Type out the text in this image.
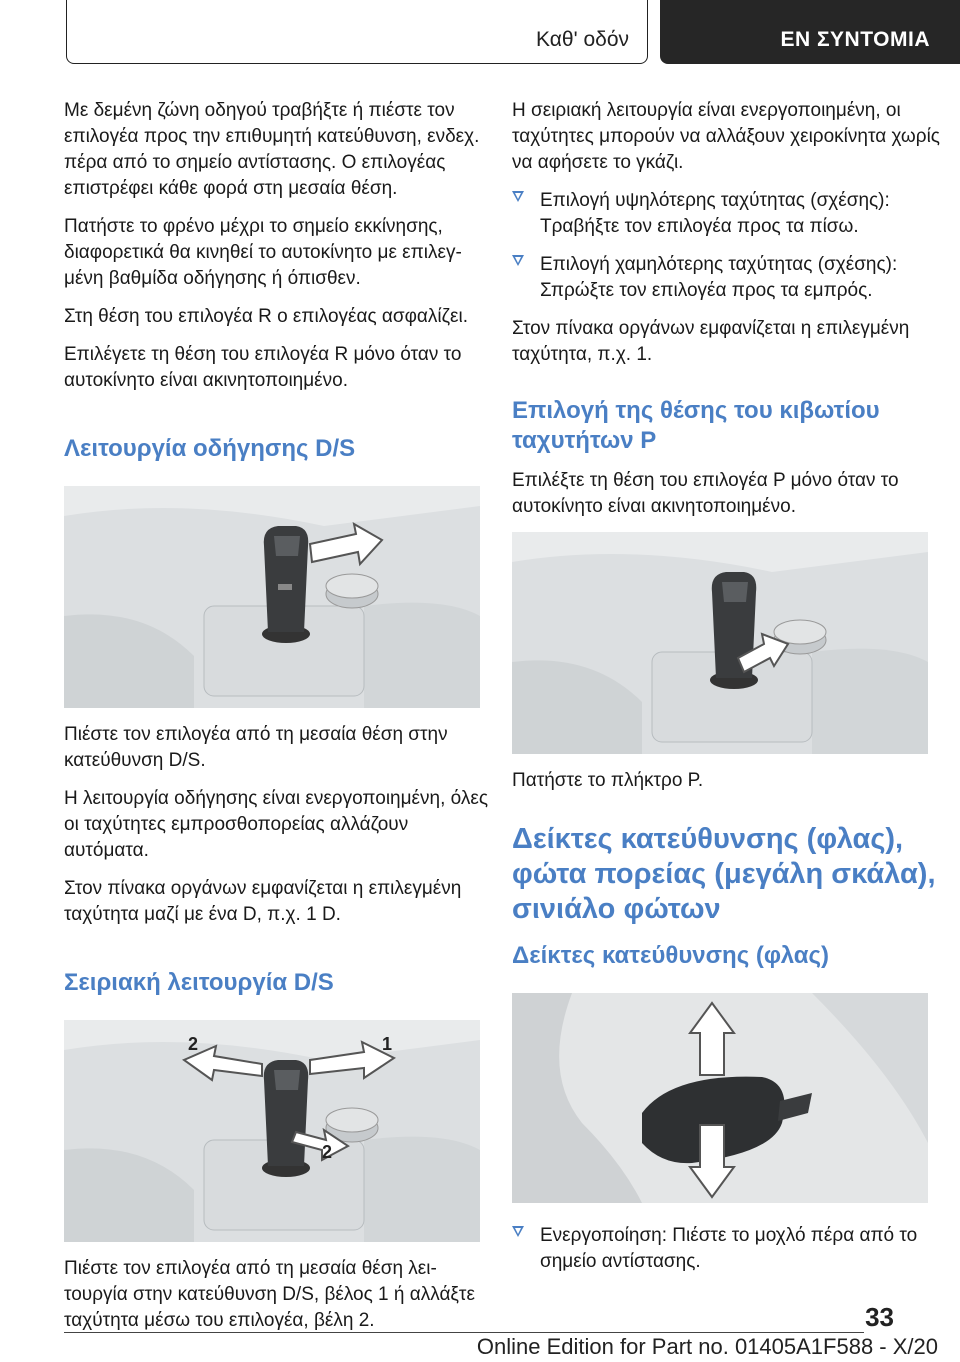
Καθ' οδόν	ΕΝ ΣΥΝΤΟΜΙΑ

Με δεμένη ζώνη οδηγού τραβήξτε ή πιέστε τον επιλογέα προς την επιθυμητή κατεύθυνση, ενδεχ. πέρα από το σημείο αντίστασης. Ο επιλογέας επιστρέφει κάθε φορά στη μεσαία θέση.

Πατήστε το φρένο μέχρι το σημείο εκκίνησης, διαφορετικά θα κινηθεί το αυτοκίνητο με επιλεγμένη βαθμίδα οδήγησης ή όπισθεν.

Στη θέση του επιλογέα R ο επιλογέας ασφαλίζει.

Επιλέγετε τη θέση του επιλογέα R μόνο όταν το αυτοκίνητο είναι ακινητοποιημένο.

Λειτουργία οδήγησης D/S

Πιέστε τον επιλογέα από τη μεσαία θέση στην κατεύθυνση D/S.

Η λειτουργία οδήγησης είναι ενεργοποιημένη, όλες οι ταχύτητες εμπροσθοπορείας αλλάζουν αυτόματα.

Στον πίνακα οργάνων εμφανίζεται η επιλεγμένη ταχύτητα μαζί με ένα D, π.χ. 1 D.

Σειριακή λειτουργία D/S
2	1
2

Πιέστε τον επιλογέα από τη μεσαία θέση λειτουργία στην κατεύθυνση D/S, βέλος 1 ή αλλάξτε ταχύτητα μέσω του επιλογέα, βέλη 2.

Η σειριακή λειτουργία είναι ενεργοποιημένη, οι ταχύτητες μπορούν να αλλάξουν χειροκίνητα χωρίς να αφήσετε το γκάζι.

Επιλογή υψηλότερης ταχύτητας (σχέσης): Τραβήξτε τον επιλογέα προς τα πίσω.
Επιλογή χαμηλότερης ταχύτητας (σχέσης): Σπρώξτε τον επιλογέα προς τα εμπρός.

Στον πίνακα οργάνων εμφανίζεται η επιλεγμένη ταχύτητα, π.χ. 1.

Επιλογή της θέσης του κιβωτίου ταχυτήτων P

Επιλέξτε τη θέση του επιλογέα P μόνο όταν το αυτοκίνητο είναι ακινητοποιημένο.

Πατήστε το πλήκτρο P.

Δείκτες κατεύθυνσης (φλας), φώτα πορείας (μεγάλη σκάλα), σινιάλο φώτων
Δείκτες κατεύθυνσης (φλας)
Ενεργοποίηση: Πιέστε το μοχλό πέρα από το σημείο αντίστασης.
33
Online Edition for Part no. 01405A1F588 - X/20
